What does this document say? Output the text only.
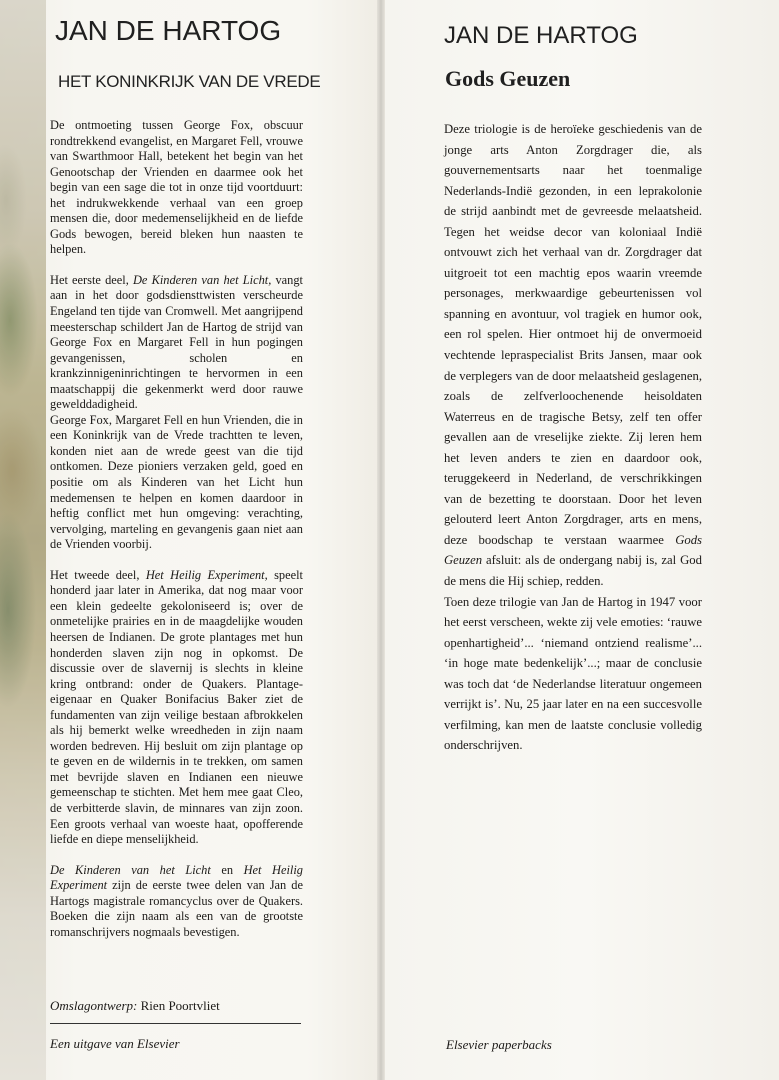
JAN DE HARTOG
HET KONINKRIJK VAN DE VREDE

De ontmoeting tussen George Fox, obscuur rondtrekkend evangelist, en Margaret Fell, vrouwe van Swarthmoor Hall, betekent het begin van het Genootschap der Vrienden en daarmee ook het begin van een sage die tot in onze tijd voortduurt: het indrukwekkende verhaal van een groep mensen die, door medemenselijkheid en de liefde Gods bewogen, bereid bleken hun naasten te helpen.

Het eerste deel, De Kinderen van het Licht, vangt aan in het door godsdiensttwisten verscheurde Engeland ten tijde van Cromwell. Met aangrijpend meesterschap schildert Jan de Hartog de strijd van George Fox en Margaret Fell in hun pogingen gevangenissen, scholen en krankzinnigeninrichtingen te hervormen in een maatschappij die gekenmerkt werd door rauwe gewelddadigheid.

George Fox, Margaret Fell en hun Vrienden, die in een Koninkrijk van de Vrede trachtten te leven, konden niet aan de wrede geest van die tijd ontkomen. Deze pioniers verzaken geld, goed en positie om als Kinderen van het Licht hun medemensen te helpen en komen daardoor in heftig conflict met hun omgeving: verachting, vervolging, marteling en gevangenis gaan niet aan de Vrienden voorbij.

Het tweede deel, Het Heilig Experiment, speelt honderd jaar later in Amerika, dat nog maar voor een klein gedeelte gekoloniseerd is; over de onmetelijke prairies en in de maagdelijke wouden heersen de Indianen. De grote plantages met hun honderden slaven zijn nog in opkomst. De discussie over de slavernij is slechts in kleine kring ontbrand: onder de Quakers. Plantage-eigenaar en Quaker Bonifacius Baker ziet de fundamenten van zijn veilige bestaan afbrokkelen als hij bemerkt welke wreedheden in zijn naam worden bedreven. Hij besluit om zijn plantage op te geven en de wildernis in te trekken, om samen met bevrijde slaven en Indianen een nieuwe gemeenschap te stichten. Met hem mee gaat Cleo, de verbitterde slavin, de minnares van zijn zoon. Een groots verhaal van woeste haat, opofferende liefde en diepe menselijkheid.

De Kinderen van het Licht en Het Heilig Experiment zijn de eerste twee delen van Jan de Hartogs magistrale romancyclus over de Quakers. Boeken die zijn naam als een van de grootste romanschrijvers nogmaals bevestigen.

Omslagontwerp: Rien Poortvliet
Een uitgave van Elsevier
JAN DE HARTOG
Gods Geuzen

Deze triologie is de heroïeke geschiedenis van de jonge arts Anton Zorgdrager die, als gouvernementsarts naar het toenmalige Nederlands-Indië gezonden, in een leprakolonie de strijd aanbindt met de gevreesde melaatsheid. Tegen het weidse decor van koloniaal Indië ontvouwt zich het verhaal van dr. Zorgdrager dat uitgroeit tot een machtig epos waarin vreemde personages, merkwaardige gebeurtenissen vol spanning en avontuur, vol tragiek en humor ook, een rol spelen. Hier ontmoet hij de onvermoeid vechtende lepraspecialist Brits Jansen, maar ook de verplegers van de door melaatsheid geslagenen, zoals de zelfverloochenende heisoldaten Waterreus en de tragische Betsy, zelf ten offer gevallen aan de vreselijke ziekte. Zij leren hem het leven anders te zien en daardoor ook, teruggekeerd in Nederland, de verschrikkingen van de bezetting te doorstaan. Door het leven gelouterd leert Anton Zorgdrager, arts en mens, deze boodschap te verstaan waarmee Gods Geuzen afsluit: als de ondergang nabij is, zal God de mens die Hij schiep, redden.

Toen deze trilogie van Jan de Hartog in 1947 voor het eerst verscheen, wekte zij vele emoties: ‘rauwe openhartigheid’... ‘niemand ontziend realisme’... ‘in hoge mate bedenkelijk’...; maar de conclusie was toch dat ‘de Nederlandse literatuur ongemeen verrijkt is’. Nu, 25 jaar later en na een succesvolle verfilming, kan men de laatste conclusie volledig onderschrijven.

Elsevier paperbacks
